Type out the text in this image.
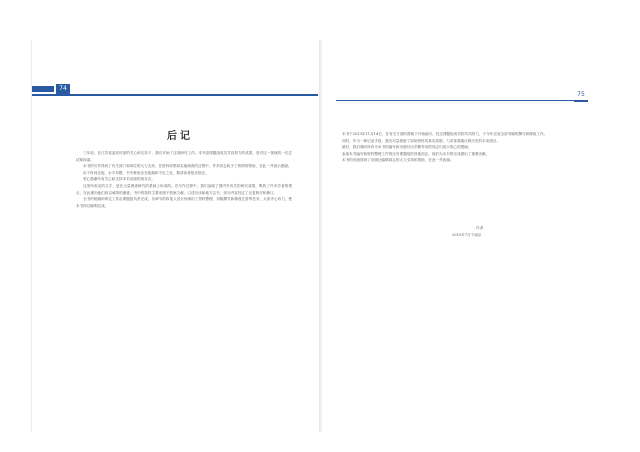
74
75
后记

三年前，在江苏省委宣传部的关心和支持下，我们开始了这项研究工作。本书是课题组成员共同努力的成果，是对这一领域的一次尝试和探索。

本书的写作得到了有关部门和单位的大力支持，在资料收集和实地调查的过程中，许多同志给予了热情的帮助，在此一并表示感谢。

由于时间仓促，水平有限，书中难免存在疏漏和不足之处，敬请读者批评指正。

衷心感谢所有关心和支持本书出版的朋友们。

这里所收录的文字，是在大量调查研究的基础上形成的。在写作过程中，我们参阅了国内外有关的研究成果，吸收了许多学者的观点，在此谨向他们致以诚挚的谢意。书中的资料主要来源于档案文献、口述访谈和地方志书，部分内容经过了反复核对和修订。

全书的统稿和审定工作由课题组负责完成。各章节的执笔人员分别承担了资料整理、初稿撰写和修改完善等任务，大家齐心协力，使本书得以顺利完成。

本书于2013年11月14日，在有关方面的帮助下开始编写，经过课题组成员的共同努力，于今年完成全部书稿的撰写和修改工作。

同时，作为一种记录手段，我们尽量保留了原始资料的真实面貌，力求客观地反映历史的本来面目。

最后，我们谨向所有为本书的编写和出版付出辛勤劳动的同志们表示衷心的感谢。

参加本书编写和资料整理工作的还有课题组的其他同志，他们为本书的完成做出了重要贡献。

本书的出版得到了出版社编辑同志的大力支持和帮助，在此一并致谢。

作者
2015年7月于南京
